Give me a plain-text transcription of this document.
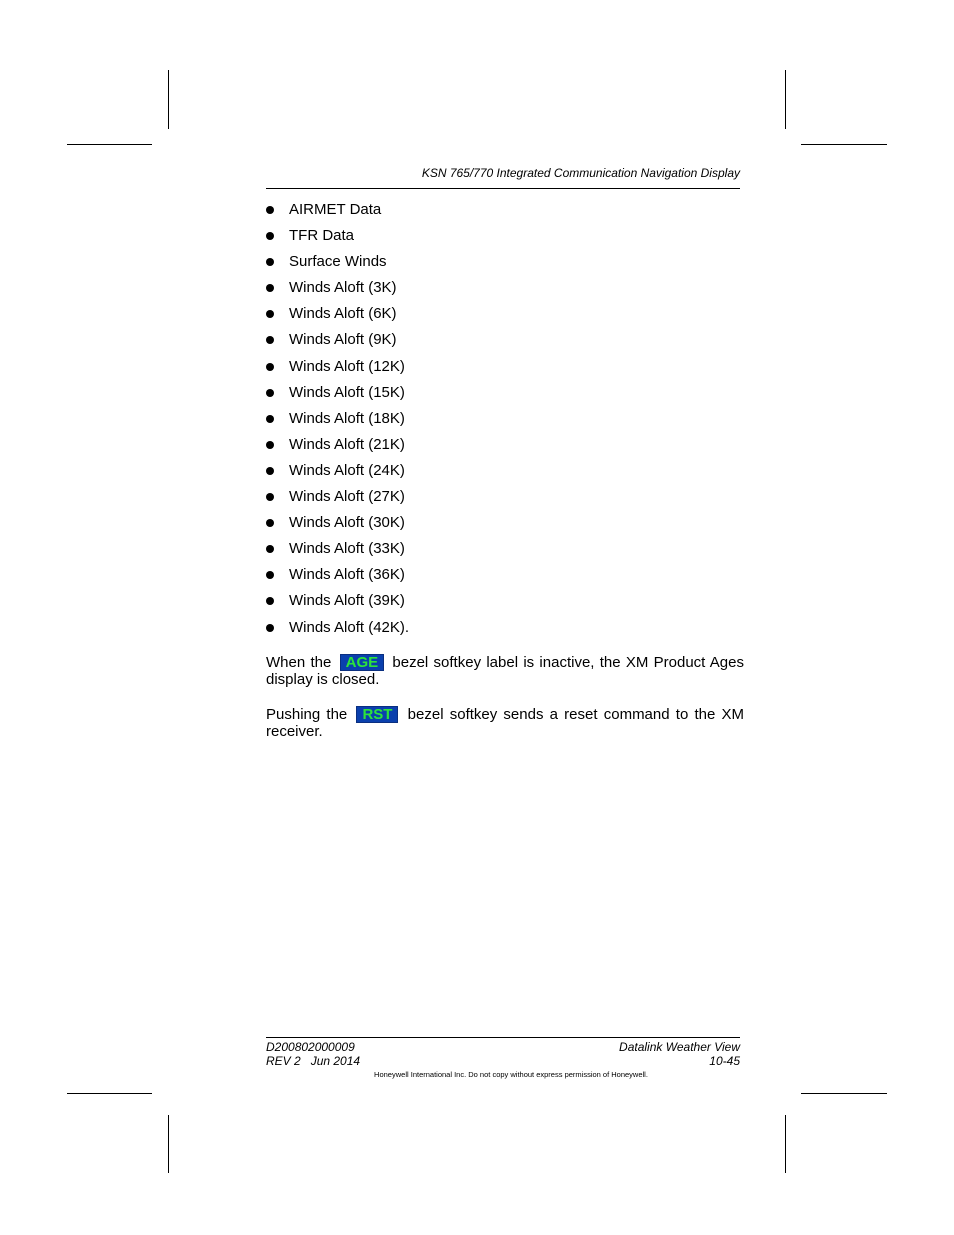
KSN 765/770 Integrated Communication Navigation Display
AIRMET Data
TFR Data
Surface Winds
Winds Aloft (3K)
Winds Aloft (6K)
Winds Aloft (9K)
Winds Aloft (12K)
Winds Aloft (15K)
Winds Aloft (18K)
Winds Aloft (21K)
Winds Aloft (24K)
Winds Aloft (27K)
Winds Aloft (30K)
Winds Aloft (33K)
Winds Aloft (36K)
Winds Aloft (39K)
Winds Aloft (42K).

When the AGE bezel softkey label is inactive, the XM Product Ages display is closed.

Pushing the RST bezel softkey sends a reset command to the XM receiver.

D200802000009
REV 2 Jun 2014
Datalink Weather View
10-45
Honeywell International Inc. Do not copy without express permission of Honeywell.
